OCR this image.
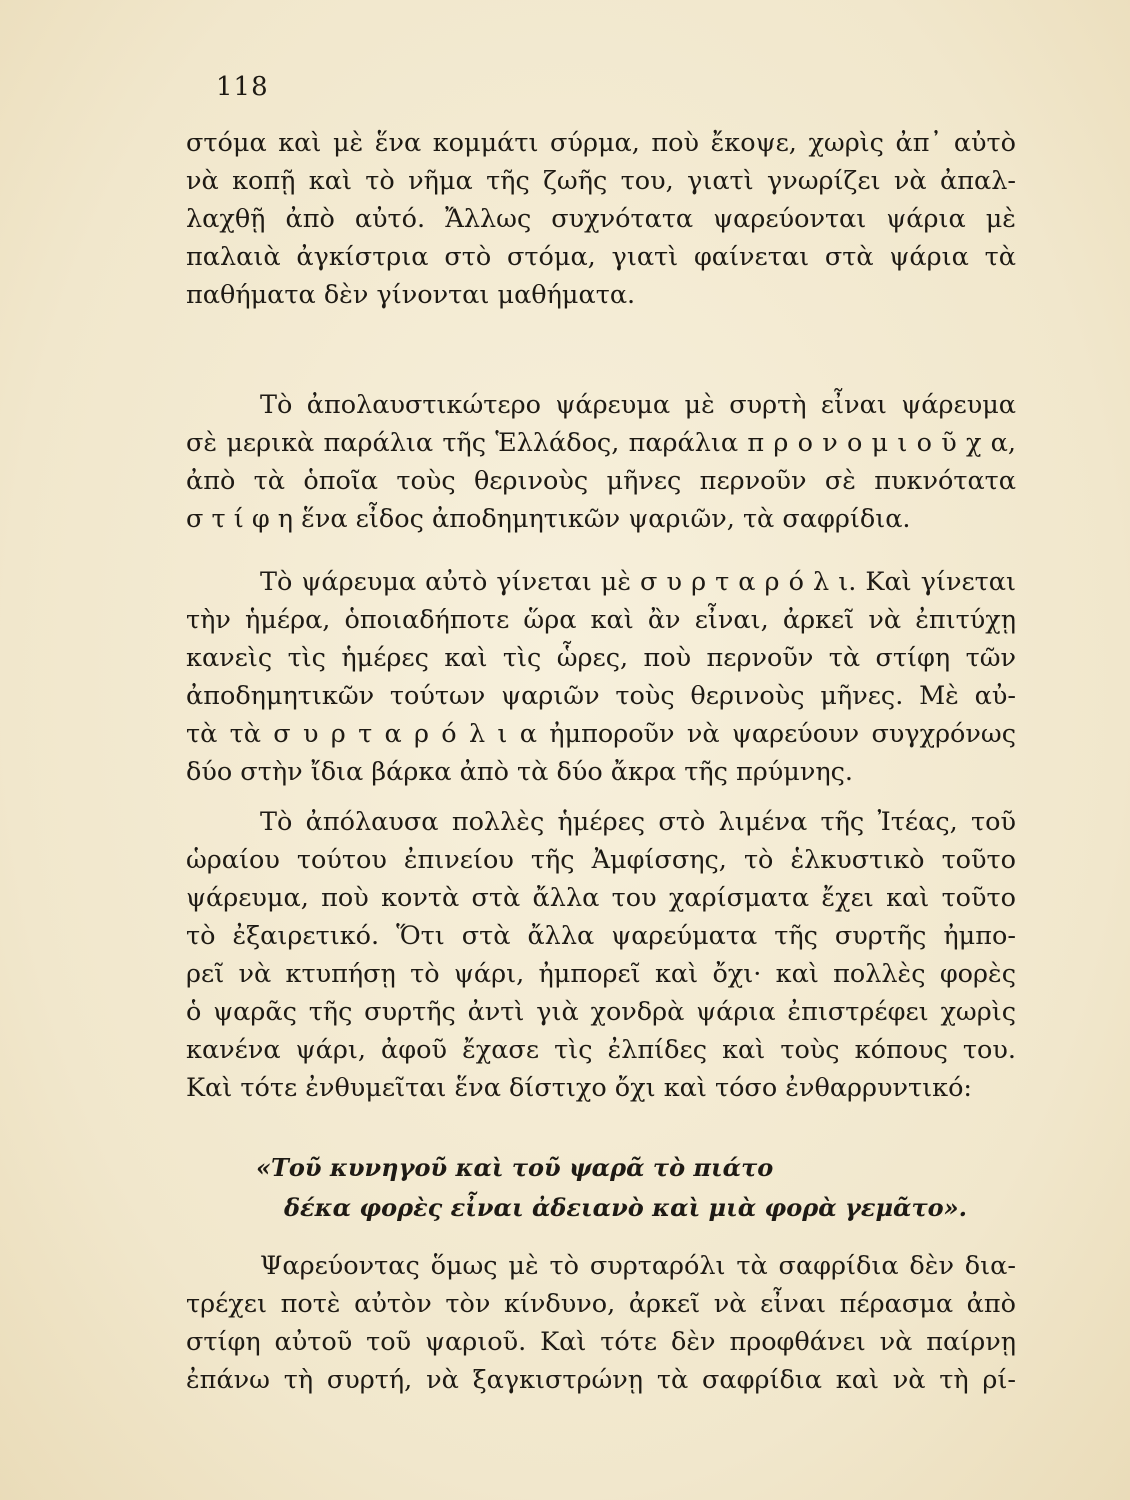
118
στόμα καὶ μὲ ἕνα κομμάτι σύρμα, ποὺ ἔκοψε, χωρὶς ἀπ᾿ αὐτὸ
νὰ κοπῇ καὶ τὸ νῆμα τῆς ζωῆς του, γιατὶ γνωρίζει νὰ ἀπαλ-
λαχθῇ ἀπὸ αὐτό. Ἄλλως συχνότατα ψαρεύονται ψάρια μὲ
παλαιὰ ἀγκίστρια στὸ στόμα, γιατὶ φαίνεται στὰ ψάρια τὰ
παθήματα δὲν γίνονται μαθήματα.
Τὸ ἀπολαυστικώτερο ψάρευμα μὲ συρτὴ εἶναι ψάρευμα
σὲ μερικὰ παράλια τῆς Ἑλλάδος, παράλια π ρ ο ν ο μ ι ο ῦ χ α,
ἀπὸ τὰ ὁποῖα τοὺς θερινοὺς μῆνες περνοῦν σὲ πυκνότατα
σ τ ί φ η ἕνα εἶδος ἀποδημητικῶν ψαριῶν, τὰ σαφρίδια.
Τὸ ψάρευμα αὐτὸ γίνεται μὲ σ υ ρ τ α ρ ό λ ι. Καὶ γίνεται
τὴν ἡμέρα, ὁποιαδήποτε ὥρα καὶ ἂν εἶναι, ἀρκεῖ νὰ ἐπιτύχῃ
κανεὶς τὶς ἡμέρες καὶ τὶς ὧρες, ποὺ περνοῦν τὰ στίφη τῶν
ἀποδημητικῶν τούτων ψαριῶν τοὺς θερινοὺς μῆνες. Μὲ αὐ-
τὰ τὰ σ υ ρ τ α ρ ό λ ι α ἠμποροῦν νὰ ψαρεύουν συγχρόνως
δύο στὴν ἴδια βάρκα ἀπὸ τὰ δύο ἄκρα τῆς πρύμνης.
Τὸ ἀπόλαυσα πολλὲς ἡμέρες στὸ λιμένα τῆς Ἰτέας, τοῦ
ὡραίου τούτου ἐπινείου τῆς Ἀμφίσσης, τὸ ἑλκυστικὸ τοῦτο
ψάρευμα, ποὺ κοντὰ στὰ ἄλλα του χαρίσματα ἔχει καὶ τοῦτο
τὸ ἐξαιρετικό. Ὅτι στὰ ἄλλα ψαρεύματα τῆς συρτῆς ἠμπο-
ρεῖ νὰ κτυπήσῃ τὸ ψάρι, ἠμπορεῖ καὶ ὄχι· καὶ πολλὲς φορὲς
ὁ ψαρᾶς τῆς συρτῆς ἀντὶ γιὰ χονδρὰ ψάρια ἐπιστρέφει χωρὶς
κανένα ψάρι, ἀφοῦ ἔχασε τὶς ἐλπίδες καὶ τοὺς κόπους του.
Καὶ τότε ἐνθυμεῖται ἕνα δίστιχο ὄχι καὶ τόσο ἐνθαρρυντικό:
«Τοῦ κυνηγοῦ καὶ τοῦ ψαρᾶ τὸ πιάτο
δέκα φορὲς εἶναι ἀδειανὸ καὶ μιὰ φορὰ γεμᾶτο».
Ψαρεύοντας ὅμως μὲ τὸ συρταρόλι τὰ σαφρίδια δὲν δια-
τρέχει ποτὲ αὐτὸν τὸν κίνδυνο, ἀρκεῖ νὰ εἶναι πέρασμα ἀπὸ
στίφη αὐτοῦ τοῦ ψαριοῦ. Καὶ τότε δὲν προφθάνει νὰ παίρνῃ
ἐπάνω τὴ συρτή, νὰ ξαγκιστρώνῃ τὰ σαφρίδια καὶ νὰ τὴ ρί-
